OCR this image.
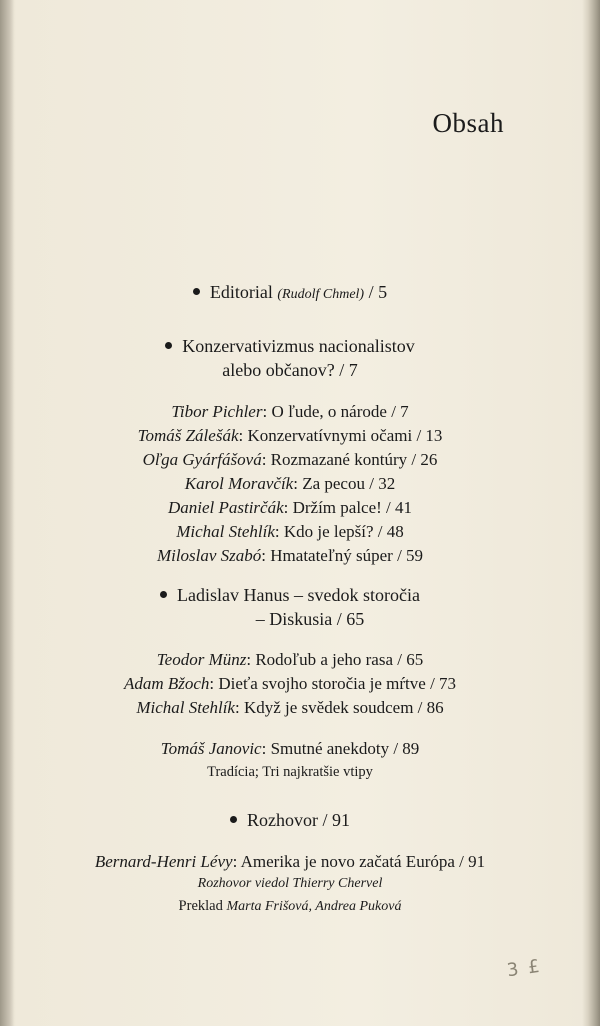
Obsah
Editorial (Rudolf Chmel) / 5
Konzervativizmus nacionalistov
alebo občanov? / 7
Tibor Pichler: O ľude, o národe / 7
Tomáš Zálešák: Konzervatívnymi očami / 13
Oľga Gyárfášová: Rozmazané kontúry / 26
Karol Moravčík: Za pecou / 32
Daniel Pastirčák: Držím palce! / 41
Michal Stehlík: Kdo je lepší? / 48
Miloslav Szabó: Hmatateľný súper / 59
Ladislav Hanus – svedok storočia
– Diskusia / 65
Teodor Münz: Rodoľub a jeho rasa / 65
Adam Bžoch: Dieťa svojho storočia je mŕtve / 73
Michal Stehlík: Když je svědek soudcem / 86
Tomáš Janovic: Smutné anekdoty / 89
Tradícia; Tri najkratšie vtipy
Rozhovor / 91
Bernard-Henri Lévy: Amerika je novo začatá Európa / 91
Rozhovor viedol Thierry Chervel
Preklad Marta Frišová, Andrea Puková
3 £
